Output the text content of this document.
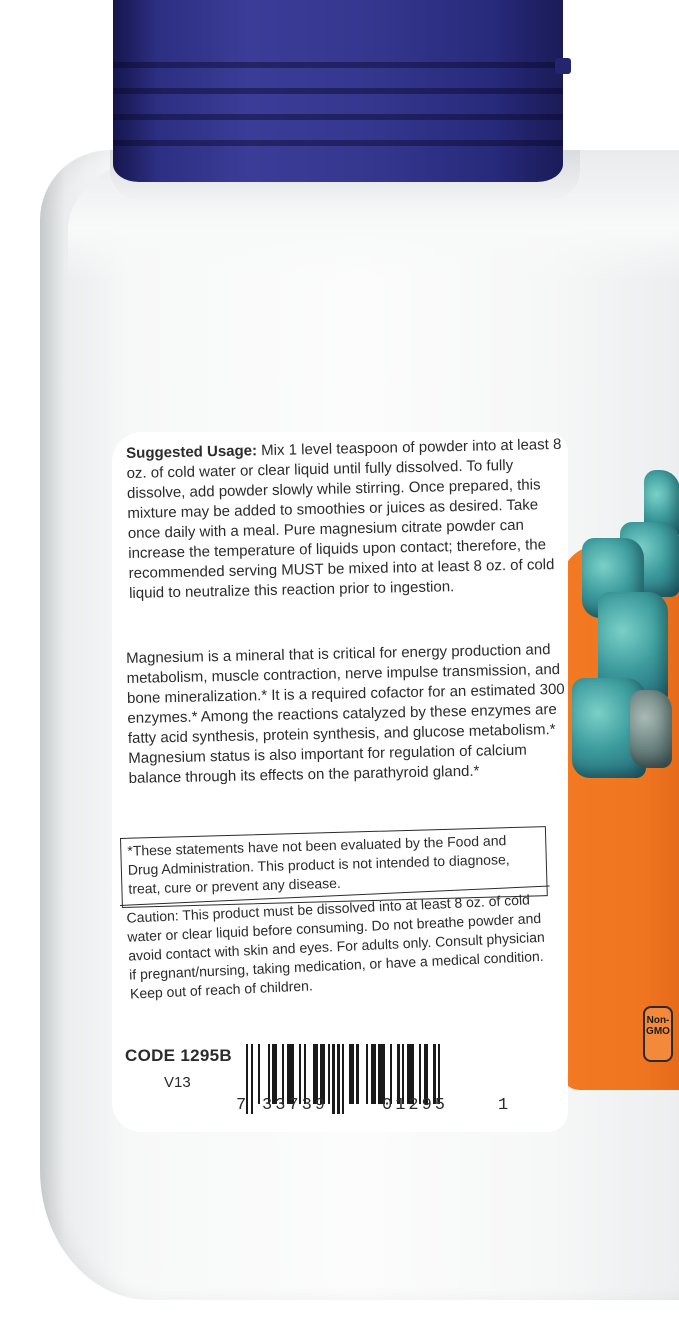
Non-GMO
Suggested Usage: Mix 1 level teaspoon of powder into at least 8 oz. of cold water or clear liquid until fully dissolved. To fully dissolve, add powder slowly while stirring. Once prepared, this mixture may be added to smoothies or juices as desired. Take once daily with a meal. Pure magnesium citrate powder can increase the temperature of liquids upon contact; therefore, the recommended serving MUST be mixed into at least 8 oz. of cold liquid to neutralize this reaction prior to ingestion.
Magnesium is a mineral that is critical for energy production and metabolism, muscle contraction, nerve impulse transmission, and bone mineralization.* It is a required cofactor for an estimated 300 enzymes.* Among the reactions catalyzed by these enzymes are fatty acid synthesis, protein synthesis, and glucose metabolism.* Magnesium status is also important for regulation of calcium balance through its effects on the parathyroid gland.*
*These statements have not been evaluated by the Food and Drug Administration. This product is not intended to diagnose, treat, cure or prevent any disease.
Caution: This product must be dissolved into at least 8 oz. of cold water or clear liquid before consuming. Do not breathe powder and avoid contact with skin and eyes. For adults only. Consult physician if pregnant/nursing, taking medication, or have a medical condition. Keep out of reach of children.
CODE 1295B
V13
7 33739	01295	1
